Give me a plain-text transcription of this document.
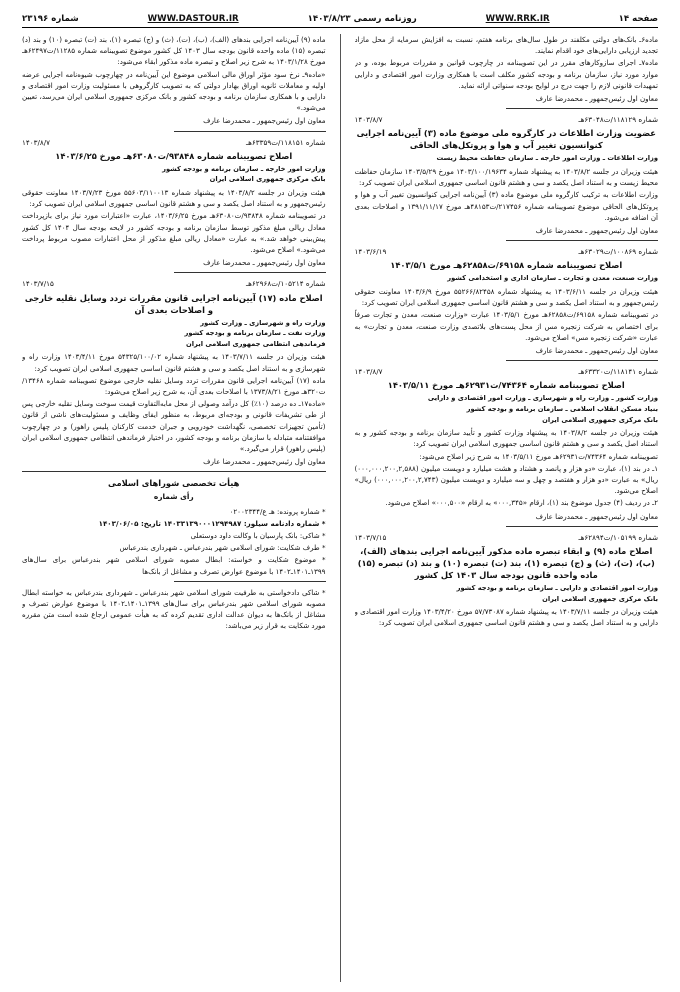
صفحه ۱۴
WWW.RRK.IR
روزنامه رسمی ۱۴۰۳/۸/۲۳
WWW.DASTOUR.IR
شماره ۲۳۱۹۶

ماده۶ـ بانک‌های دولتی مکلفند در طول سال‌های برنامه هفتم، نسبت به افزایش سرمایه از محل مازاد تجدید ارزیابی دارایی‌های خود اقدام نمایند.

ماده۷ـ اجرای سازوکارهای مقرر در این تصویبنامه در چارچوب قوانین و مقررات مربوط بوده، و در موارد مورد نیاز، سازمان برنامه و بودجه کشور مکلف است با همکاری وزارت امور اقتصادی و دارایی تمهیدات قانونی لازم را جهت درج در لوایح بودجه سنواتی ارائه نماید.

معاون اول رئیس‌جمهور ـ محمدرضا عارف

شماره ۱۱۸۱۲۹/ت۶۳۰۴۸هـ
۱۴۰۳/۸/۷
عضویت وزارت اطلاعات در کارگروه ملی موضوع ماده (۳) آیین‌نامه اجرایی کنوانسیون تغییر آب و هوا و پروتکل‌های الحاقی
وزارت اطلاعات ـ وزارت امور خارجه ـ سازمان حفاظت محیط زیست

هیئت وزیران در جلسه ۱۴۰۳/۸/۲ به پیشنهاد شماره ۱۴۰۳/۱۰۰/۱۹۶۳۴ مورخ ۱۴۰۳/۵/۲۹ سازمان حفاظت محیط زیست و به استناد اصل یکصد و سی و هشتم قانون اساسی جمهوری اسلامی ایران تصویب کرد:

وزارت اطلاعات به ترکیب کارگروه ملی موضوع ماده (۳) آیین‌نامه اجرایی کنوانسیون تغییر آب و هوا و پروتکل‌های الحاقی موضوع تصویبنامه شماره ۲۱۷۴۵۶/ت۴۸۱۵۳هـ مورخ ۱۳۹۱/۱۱/۱۷ و اصلاحات بعدی آن اضافه می‌شود.

معاون اول رئیس‌جمهور ـ محمدرضا عارف

شماره ۱۰۰۸۶۹/ت۶۳۰۲۹هـ
۱۴۰۳/۶/۱۹
اصلاح تصویبنامه شماره ۶۹۱۵۸/ت۶۲۸۵۸هـ مورخ ۱۴۰۳/۵/۱
وزارت صنعت، معدن و تجارت ـ سازمان اداری و استخدامی کشور

هیئت وزیران در جلسه ۱۴۰۳/۶/۱۱ به پیشنهاد شماره ۵۵۲۶۶/۸۲۴۵۸ مورخ ۱۴۰۳/۶/۹ معاونت حقوقی رئیس‌جمهور و به استناد اصل یکصد و سی و هشتم قانون اساسی جمهوری اسلامی ایران تصویب کرد:

در تصویبنامه شماره ۶۹۱۵۸/ت۶۲۸۵۸هـ مورخ ۱۴۰۳/۵/۱ عبارت «وزارت صنعت، معدن و تجارت صرفاً برای اختصاص به شرکت زنجیره مس از محل پست‌های بلاتصدی وزارت صنعت، معدن و تجارت» به عبارت «شرکت زنجیره مس» اصلاح می‌شود.

معاون اول رئیس‌جمهور ـ محمدرضا عارف

شماره ۱۱۸۱۴۱/ت۶۳۳۲۰هـ
۱۴۰۳/۸/۷
اصلاح تصویبنامه شماره ۷۴۳۶۴/ت۶۲۹۳۱هـ مورخ ۱۴۰۳/۵/۱۱
وزارت کشور ـ وزارت راه و شهرسازی ـ وزارت امور اقتصادی و دارایی
بنیاد مسکن انقلاب اسلامی ـ سازمان برنامه و بودجه کشور
بانک مرکزی جمهوری اسلامی ایران

هیئت وزیران در جلسه ۱۴۰۳/۸/۲ به پیشنهاد وزارت کشور و تأیید سازمان برنامه و بودجه کشور و به استناد اصل یکصد و سی و هشتم قانون اساسی جمهوری اسلامی ایران تصویب کرد:

تصویبنامه شماره ۷۴۳۶۴/ت۶۲۹۳۱هـ مورخ ۱۴۰۳/۵/۱۱ به شرح زیر اصلاح می‌شود:

۱ـ در بند (۱)، عبارت «دو هزار و پانصد و هشتاد و هشت میلیارد و دویست میلیون (۰۰۰,۰۰۰,۲۰۰,۲,۵۸۸) ریال» به عبارت «دو هزار و هفتصد و چهل و سه میلیارد و دویست میلیون (۰۰۰,۰۰۰,۲۰۰,۲,۷۴۳) ریال» اصلاح می‌شود.

۲ـ در ردیف (۴) جدول موضوع بند (۱)، ارقام «۰۰۰,۳۴۵» به ارقام «۰۰۰,۵۰۰» اصلاح می‌شود.

معاون اول رئیس‌جمهور ـ محمدرضا عارف

شماره ۱۰۵۱۹۹/ت۶۲۸۹۴هـ
۱۴۰۳/۷/۱۵
اصلاح ماده (۹) و ابقاء تبصره ماده مذکور آیین‌نامه اجرایی بندهای (الف)، (ب)، (ت)، (ث) و (ج) تبصره (۱)، بند (ت) تبصره (۱۰) و بند (د) تبصره (۱۵) ماده واحده قانون بودجه سال ۱۴۰۳ کل کشور
وزارت امور اقتصادی و دارایی ـ سازمان برنامه و بودجه کشور
بانک مرکزی جمهوری اسلامی ایران

هیئت وزیران در جلسه ۱۴۰۳/۷/۱۱ به پیشنهاد شماره ۵۷/۷۳۰۸۷ مورخ ۱۴۰۳/۴/۲۰ وزارت امور اقتصادی و دارایی و به استناد اصل یکصد و سی و هشتم قانون اساسی جمهوری اسلامی ایران تصویب کرد:

ماده (۹) آیین‌نامه اجرایی بندهای (الف)، (ب)، (ت)، (ث) و (ج) تبصره (۱)، بند (ت) تبصره (۱۰) و بند (د) تبصره (۱۵) ماده واحده قانون بودجه سال ۱۴۰۳ کل کشور موضوع تصویبنامه شماره ۱۱۲۸۵/ت۶۲۴۹۷هـ مورخ ۱۴۰۳/۱/۲۸ به شرح زیر اصلاح و تبصره ماده مذکور ابقاء می‌شود:

«ماده۹ـ نرخ سود مؤثر اوراق مالی اسلامی موضوع این آیین‌نامه در چهارچوب شیوه‌نامه اجرایی عرضه اولیه و معاملات ثانویه اوراق بهادار دولتی که به تصویب کارگروهی با مسئولیت وزارت امور اقتصادی و دارایی و با همکاری سازمان برنامه و بودجه کشور و بانک مرکزی جمهوری اسلامی ایران می‌رسد، تعیین می‌شود.»

معاون اول رئیس‌جمهور ـ محمدرضا عارف

شماره ۱۱۸۱۵۱/ت۶۳۳۵۹هـ
۱۴۰۳/۸/۷
اصلاح تصویبنامه شماره ۹۳۸۴۸/ت۶۳۰۸۰هـ مورخ ۱۴۰۳/۶/۲۵
وزارت امور خارجه ـ سازمان برنامه و بودجه کشور
بانک مرکزی جمهوری اسلامی ایران

هیئت وزیران در جلسه ۱۴۰۳/۸/۲ به پیشنهاد شماره ۵۵۶۰۳/۱۱۰۰۱۳ مورخ ۱۴۰۳/۷/۲۳ معاونت حقوقی رئیس‌جمهور و به استناد اصل یکصد و سی و هشتم قانون اساسی جمهوری اسلامی ایران تصویب کرد:

در تصویبنامه شماره ۹۳۸۴۸/ت۶۳۰۸۰هـ مورخ ۱۴۰۳/۶/۲۵، عبارت «اعتبارات مورد نیاز برای بازپرداخت معادل ریالی مبلغ مذکور توسط سازمان برنامه و بودجه کشور در لایحه بودجه سال ۱۴۰۴ کل کشور پیش‌بینی خواهد شد.» به عبارت «معادل ریالی مبلغ مذکور از محل اعتبارات مصوب مربوط پرداخت می‌شود.» اصلاح می‌شود.

معاون اول رئیس‌جمهور ـ محمدرضا عارف

شماره ۱۰۵۲۱۴/ت۶۲۹۶۸هـ
۱۴۰۳/۷/۱۵
اصلاح ماده (۱۷) آیین‌نامه اجرایی قانون مقررات تردد وسایل نقلیه خارجی و اصلاحات بعدی آن
وزارت راه و شهرسازی ـ وزارت کشور
وزارت نفت ـ سازمان برنامه و بودجه کشور
فرماندهی انتظامی جمهوری اسلامی ایران

هیئت وزیران در جلسه ۱۴۰۳/۷/۱۱ به پیشنهاد شماره ۵۴۳۲۵/۱۰۰/۰۲ مورخ ۱۴۰۳/۴/۱۱ وزارت راه و شهرسازی و به استناد اصل یکصد و سی و هشتم قانون اساسی جمهوری اسلامی ایران تصویب کرد:

ماده (۱۷) آیین‌نامه اجرایی قانون مقررات تردد وسایل نقلیه خارجی موضوع تصویبنامه شماره ۱۳۴۶۸/ت۳۲۰هـ مورخ ۱۳۷۳/۸/۲۱ با اصلاحات بعدی آن، به شرح زیر اصلاح می‌شود:

«ماده۱۷ـ ده درصد (۱۰٪) کل درآمد وصولی از محل مابه‌التفاوت قیمت سوخت وسایل نقلیه خارجی پس از طی تشریفات قانونی و بودجه‌ای مربوط، به منظور ایفای وظایف و مسئولیت‌های ناشی از قانون (تأمین تجهیزات تخصصی، نگهداشت خودرویی و جبران خدمت کارکنان پلیس راهور) و در چهارچوب موافقتنامه متبادله با سازمان برنامه و بودجه کشور، در اختیار فرماندهی انتظامی جمهوری اسلامی ایران (پلیس راهور) قرار می‌گیرد.»

معاون اول رئیس‌جمهور ـ محمدرضا عارف

هیأت تخصصی شوراهای اسلامی
رأی شماره

* شماره پرونده: هـ ع/۰۲۰۰۲۳۴۴

* شماره دادنامه سیلور: ۱۴۰۳۳۱۳۹۰۰۰۱۲۹۴۹۸۷ تاریخ: ۱۴۰۳/۰۶/۰۵

* شاکی: بانک پارسیان با وکالت داود دوستعلی

* طرف شکایت: شورای اسلامی شهر بندرعباس ـ شهرداری بندرعباس

* موضوع شکایت و خواسته: ابطال مصوبه شورای اسلامی شهر بندرعباس برای سال‌های ۱۳۹۹ـ۱۴۰۱ـ۱۴۰۲ با موضوع عوارض تصرف و مشاغل از بانک‌ها

* شاکی دادخواستی به طرفیت شورای اسلامی شهر بندرعباس ـ شهرداری بندرعباس به خواسته ابطال مصوبه شورای اسلامی شهر بندرعباس برای سال‌های ۱۳۹۹ـ۱۴۰۱ـ۱۴۰۲ با موضوع عوارض تصرف و مشاغل از بانک‌ها به دیوان عدالت اداری تقدیم کرده که به هیأت عمومی ارجاع شده است متن مقرره مورد شکایت به قرار زیر می‌باشد:
